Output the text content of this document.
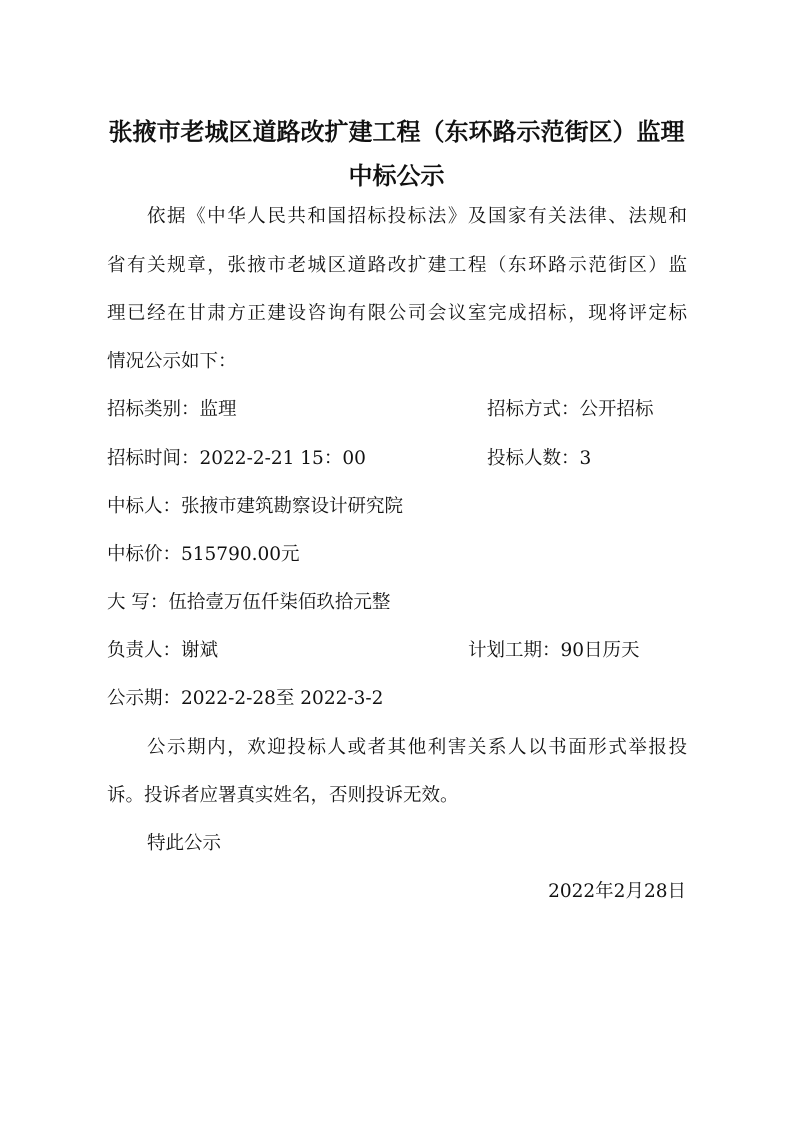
张掖市老城区道路改扩建工程（东环路示范街区）监理
中标公示
依据《中华人民共和国招标投标法》及国家有关法律、法规和
省有关规章，张掖市老城区道路改扩建工程（东环路示范街区）监
理已经在甘肃方正建设咨询有限公司会议室完成招标，现将评定标
情况公示如下：
招标类别：监理	招标方式：公开招标
招标时间：2022-2-21 15：00	投标人数：3
中标人：张掖市建筑勘察设计研究院
中标价：515790.00元
大 写：伍拾壹万伍仟柒佰玖拾元整
负责人：谢斌	计划工期：90日历天
公示期：2022-2-28至 2022-3-2
公示期内，欢迎投标人或者其他利害关系人以书面形式举报投
诉。投诉者应署真实姓名，否则投诉无效。
特此公示
2022年2月28日
